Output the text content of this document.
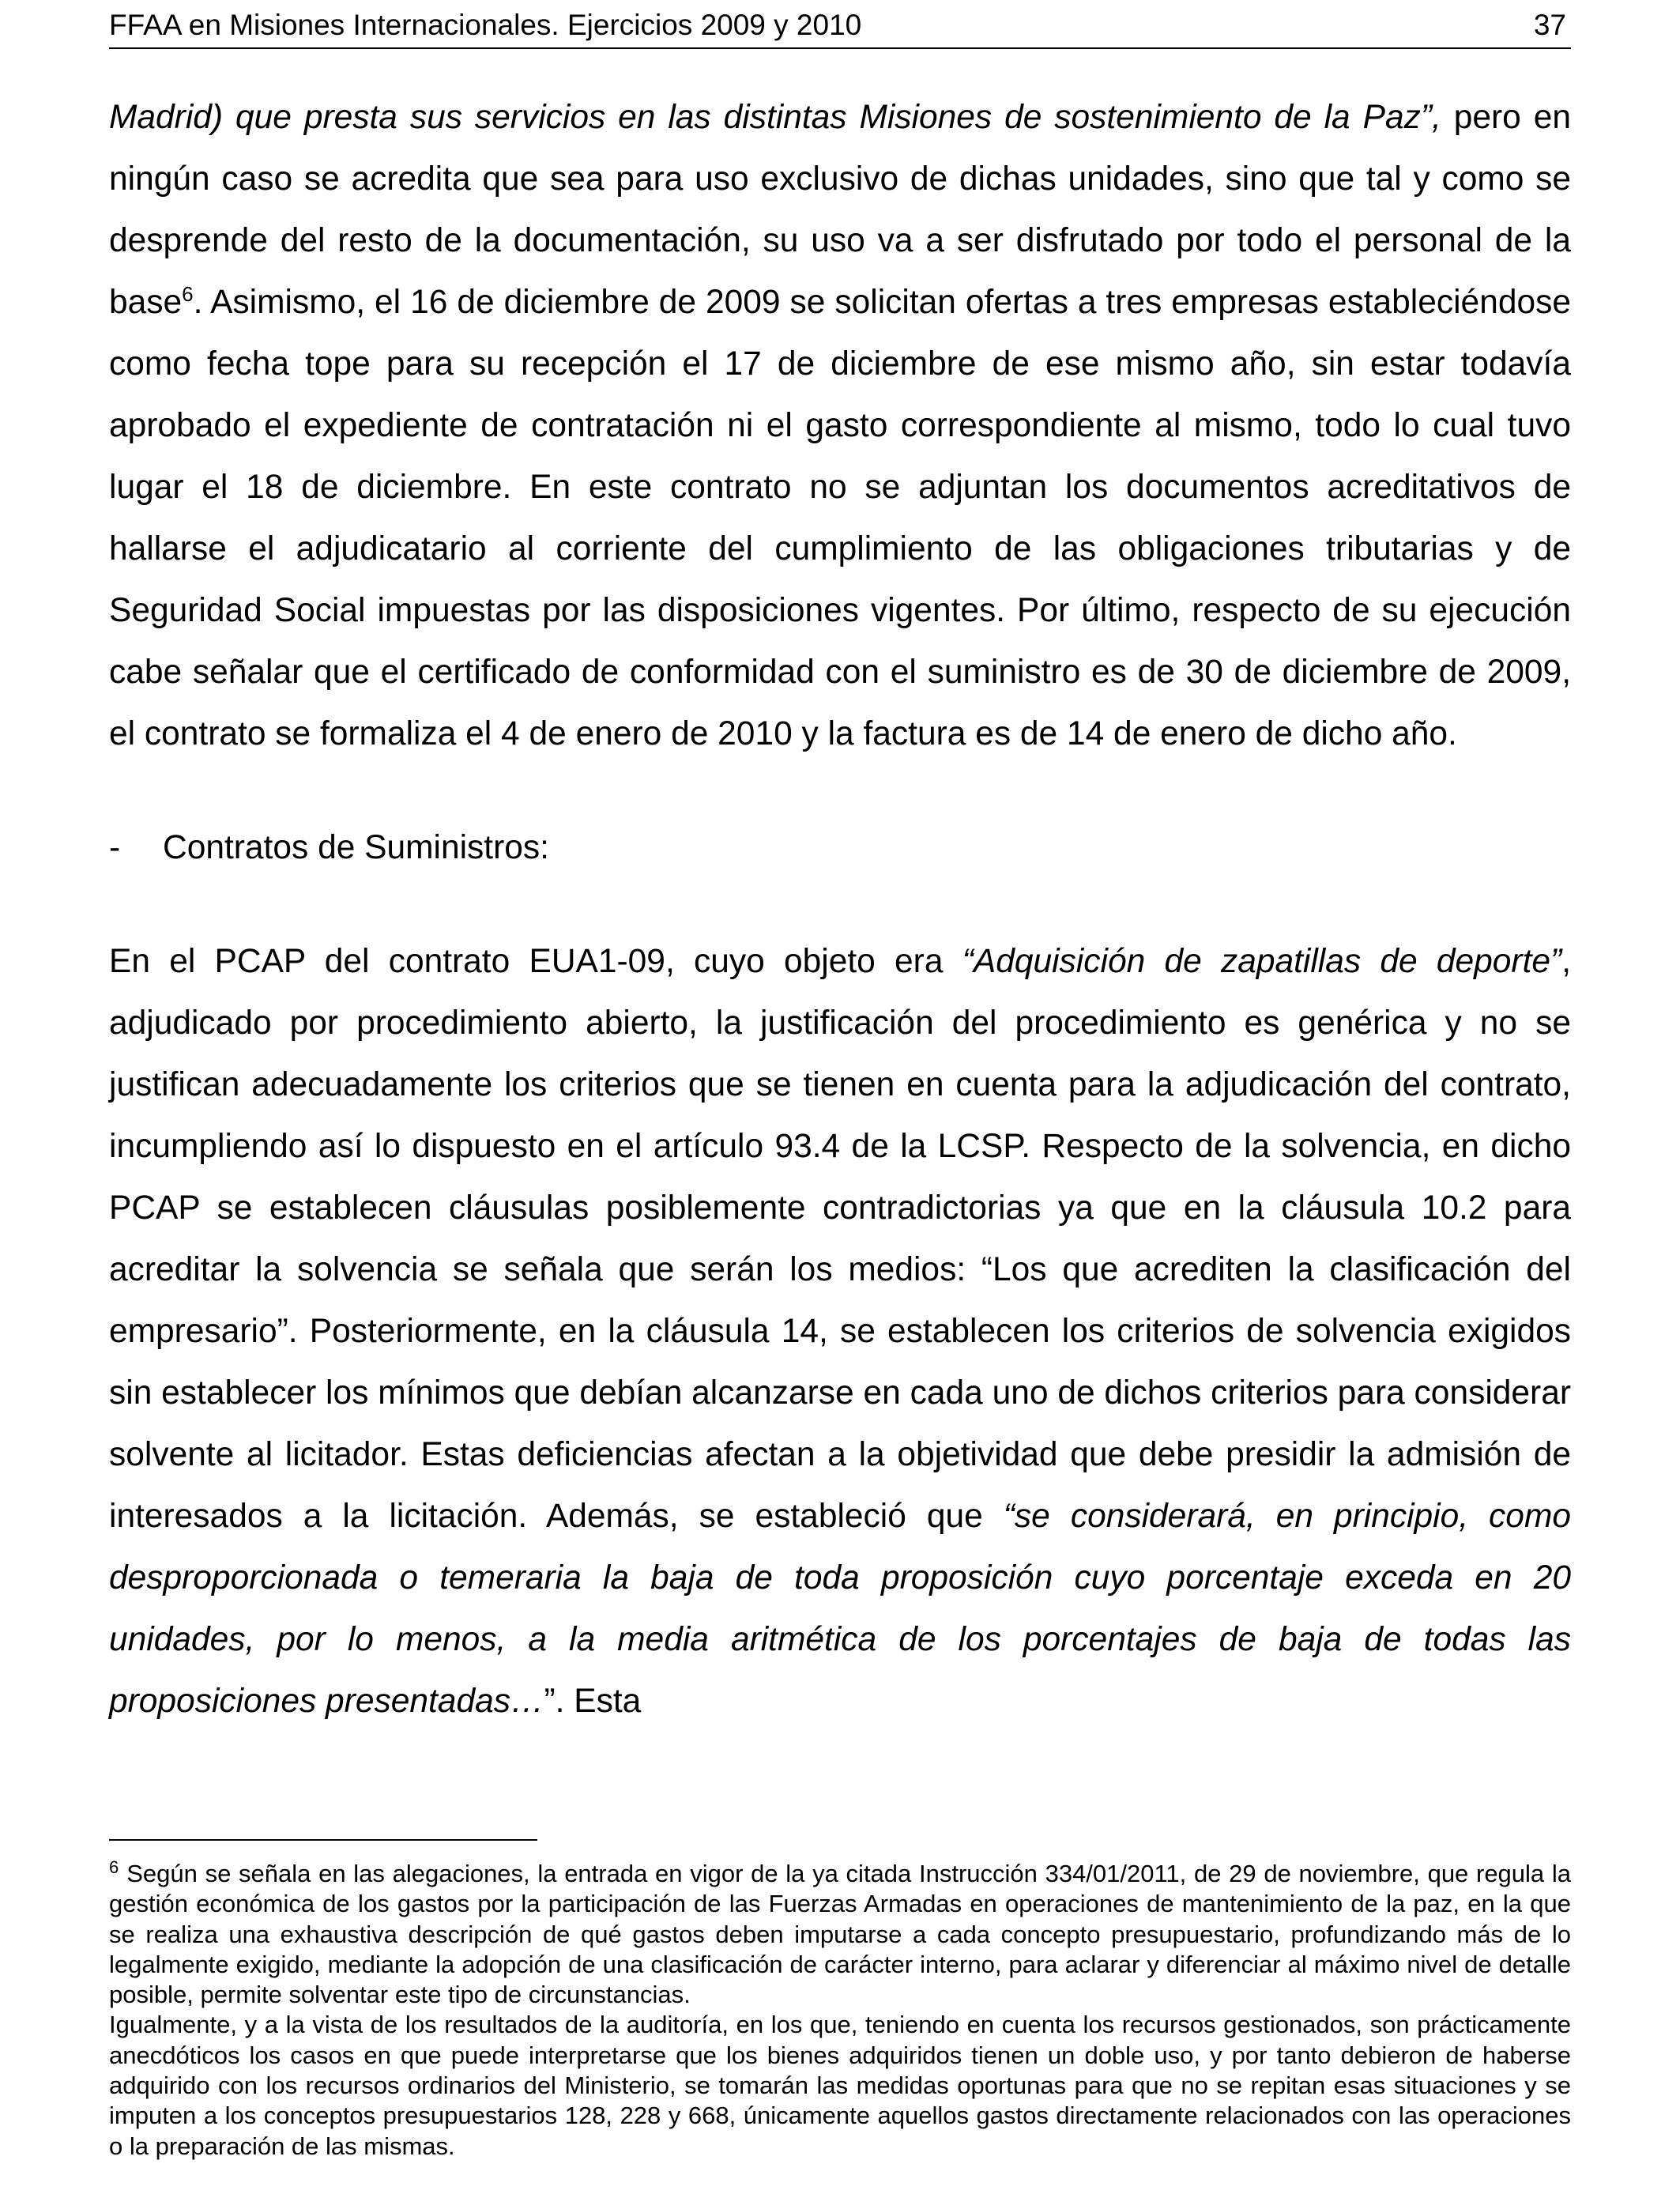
FFAA en Misiones Internacionales. Ejercicios 2009 y 2010	37

Madrid) que presta sus servicios en las distintas Misiones de sostenimiento de la Paz”, pero en ningún caso se acredita que sea para uso exclusivo de dichas unidades, sino que tal y como se desprende del resto de la documentación, su uso va a ser disfrutado por todo el personal de la base$^6$. Asimismo, el 16 de diciembre de 2009 se solicitan ofertas a tres empresas estableciéndose como fecha tope para su recepción el 17 de diciembre de ese mismo año, sin estar todavía aprobado el expediente de contratación ni el gasto correspondiente al mismo, todo lo cual tuvo lugar el 18 de diciembre. En este contrato no se adjuntan los documentos acreditativos de hallarse el adjudicatario al corriente del cumplimiento de las obligaciones tributarias y de Seguridad Social impuestas por las disposiciones vigentes. Por último, respecto de su ejecución cabe señalar que el certificado de conformidad con el suministro es de 30 de diciembre de 2009, el contrato se formaliza el 4 de enero de 2010 y la factura es de 14 de enero de dicho año.

- Contratos de Suministros:

En el PCAP del contrato EUA1-09, cuyo objeto era “Adquisición de zapatillas de deporte”, adjudicado por procedimiento abierto, la justificación del procedimiento es genérica y no se justifican adecuadamente los criterios que se tienen en cuenta para la adjudicación del contrato, incumpliendo así lo dispuesto en el artículo 93.4 de la LCSP. Respecto de la solvencia, en dicho PCAP se establecen cláusulas posiblemente contradictorias ya que en la cláusula 10.2 para acreditar la solvencia se señala que serán los medios: “Los que acrediten la clasificación del empresario”. Posteriormente, en la cláusula 14, se establecen los criterios de solvencia exigidos sin establecer los mínimos que debían alcanzarse en cada uno de dichos criterios para considerar solvente al licitador. Estas deficiencias afectan a la objetividad que debe presidir la admisión de interesados a la licitación. Además, se estableció que “se considerará, en principio, como desproporcionada o temeraria la baja de toda proposición cuyo porcentaje exceda en 20 unidades, por lo menos, a la media aritmética de los porcentajes de baja de todas las proposiciones presentadas…”. Esta

$^6$ Según se señala en las alegaciones, la entrada en vigor de la ya citada Instrucción 334/01/2011, de 29 de noviembre, que regula la gestión económica de los gastos por la participación de las Fuerzas Armadas en operaciones de mantenimiento de la paz, en la que se realiza una exhaustiva descripción de qué gastos deben imputarse a cada concepto presupuestario, profundizando más de lo legalmente exigido, mediante la adopción de una clasificación de carácter interno, para aclarar y diferenciar al máximo nivel de detalle posible, permite solventar este tipo de circunstancias.

Igualmente, y a la vista de los resultados de la auditoría, en los que, teniendo en cuenta los recursos gestionados, son prácticamente anecdóticos los casos en que puede interpretarse que los bienes adquiridos tienen un doble uso, y por tanto debieron de haberse adquirido con los recursos ordinarios del Ministerio, se tomarán las medidas oportunas para que no se repitan esas situaciones y se imputen a los conceptos presupuestarios 128, 228 y 668, únicamente aquellos gastos directamente relacionados con las operaciones o la preparación de las mismas.
